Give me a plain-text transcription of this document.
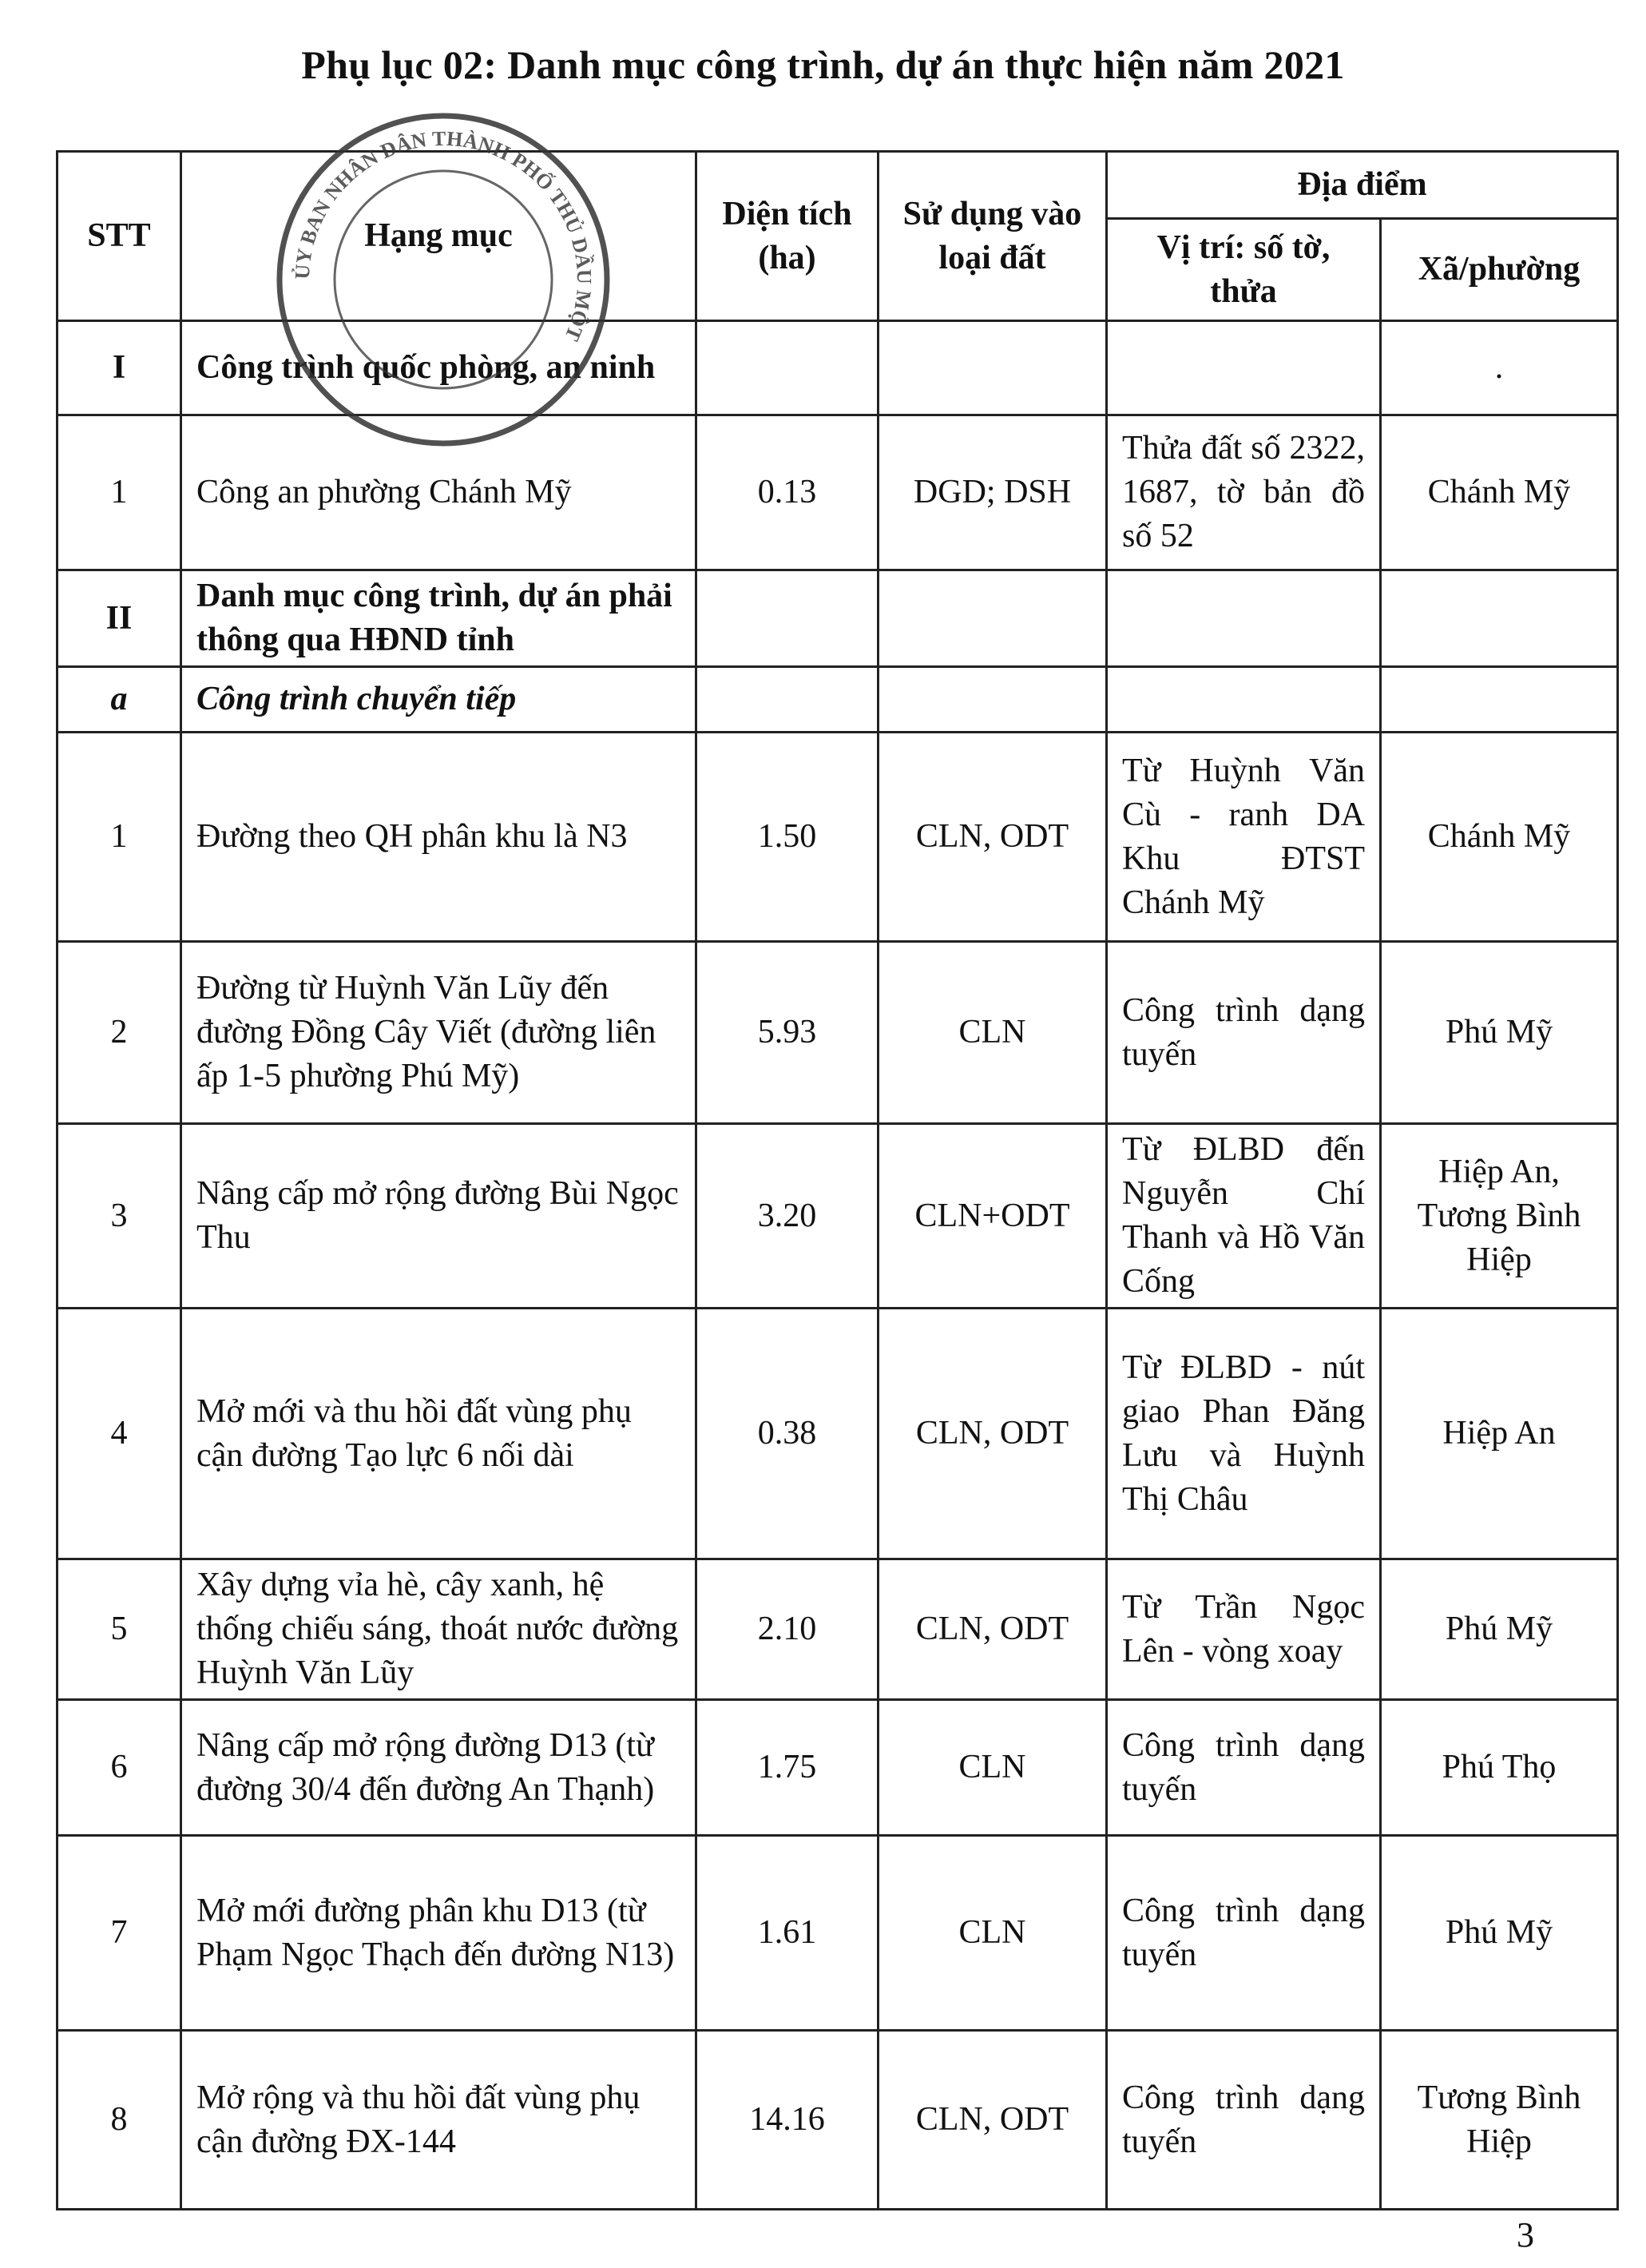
Phụ lục 02: Danh mục công trình, dự án thực hiện năm 2021
STT	Hạng mục	Diện tích (ha)	Sử dụng vào loại đất	Địa điểm	
				Vị trí: số tờ, thửa	Xã/phường
I	Công trình quốc phòng, an ninh				.
1	Công an phường Chánh Mỹ	0.13	DGD; DSH	Thửa đất số 2322, 1687, tờ bản đồ số 52	Chánh Mỹ
II	Danh mục công trình, dự án phải thông qua HĐND tỉnh				
a	Công trình chuyển tiếp				
1	Đường theo QH phân khu là N3	1.50	CLN, ODT	Từ Huỳnh Văn Cù - ranh DA Khu ĐTST Chánh Mỹ	Chánh Mỹ
2	Đường từ Huỳnh Văn Lũy đến đường Đồng Cây Viết (đường liên ấp 1-5 phường Phú Mỹ)	5.93	CLN	Công trình dạng tuyến	Phú Mỹ
3	Nâng cấp mở rộng đường Bùi Ngọc Thu	3.20	CLN+ODT	Từ ĐLBD đến Nguyễn Chí Thanh và Hồ Văn Cống	Hiệp An, Tương Bình Hiệp
4	Mở mới và thu hồi đất vùng phụ cận đường Tạo lực 6 nối dài	0.38	CLN, ODT	Từ ĐLBD - nút giao Phan Đăng Lưu và Huỳnh Thị Châu	Hiệp An
5	Xây dựng vỉa hè, cây xanh, hệ thống chiếu sáng, thoát nước đường Huỳnh Văn Lũy	2.10	CLN, ODT	Từ Trần Ngọc Lên - vòng xoay	Phú Mỹ
6	Nâng cấp mở rộng đường D13 (từ đường 30/4 đến đường An Thạnh)	1.75	CLN	Công trình dạng tuyến	Phú Thọ
7	Mở mới đường phân khu D13 (từ Phạm Ngọc Thạch đến đường N13)	1.61	CLN	Công trình dạng tuyến	Phú Mỹ
8	Mở rộng và thu hồi đất vùng phụ cận đường ĐX-144	14.16	CLN, ODT	Công trình dạng tuyến	Tương Bình Hiệp
ỦY BAN NHÂN DÂN THÀNH PHỐ THỦ DẦU MỘT
3
